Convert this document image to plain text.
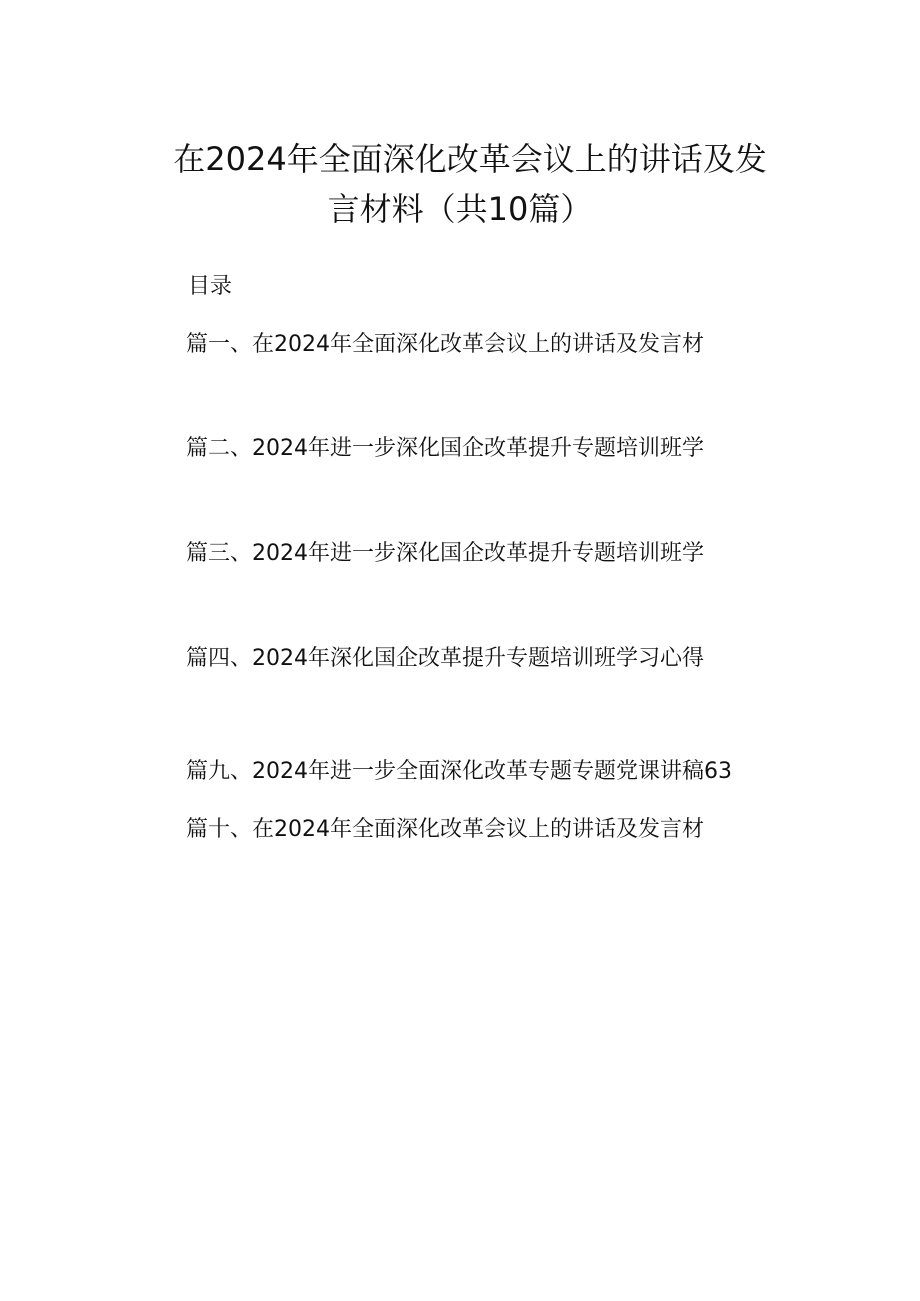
在2024年全面深化改革会议上的讲话及发
言材料（共10篇）
目录
篇一、在2024年全面深化改革会议上的讲话及发言材
篇二、2024年进一步深化国企改革提升专题培训班学
篇三、2024年进一步深化国企改革提升专题培训班学
篇四、2024年深化国企改革提升专题培训班学习心得
篇九、2024年进一步全面深化改革专题专题党课讲稿63
篇十、在2024年全面深化改革会议上的讲话及发言材
